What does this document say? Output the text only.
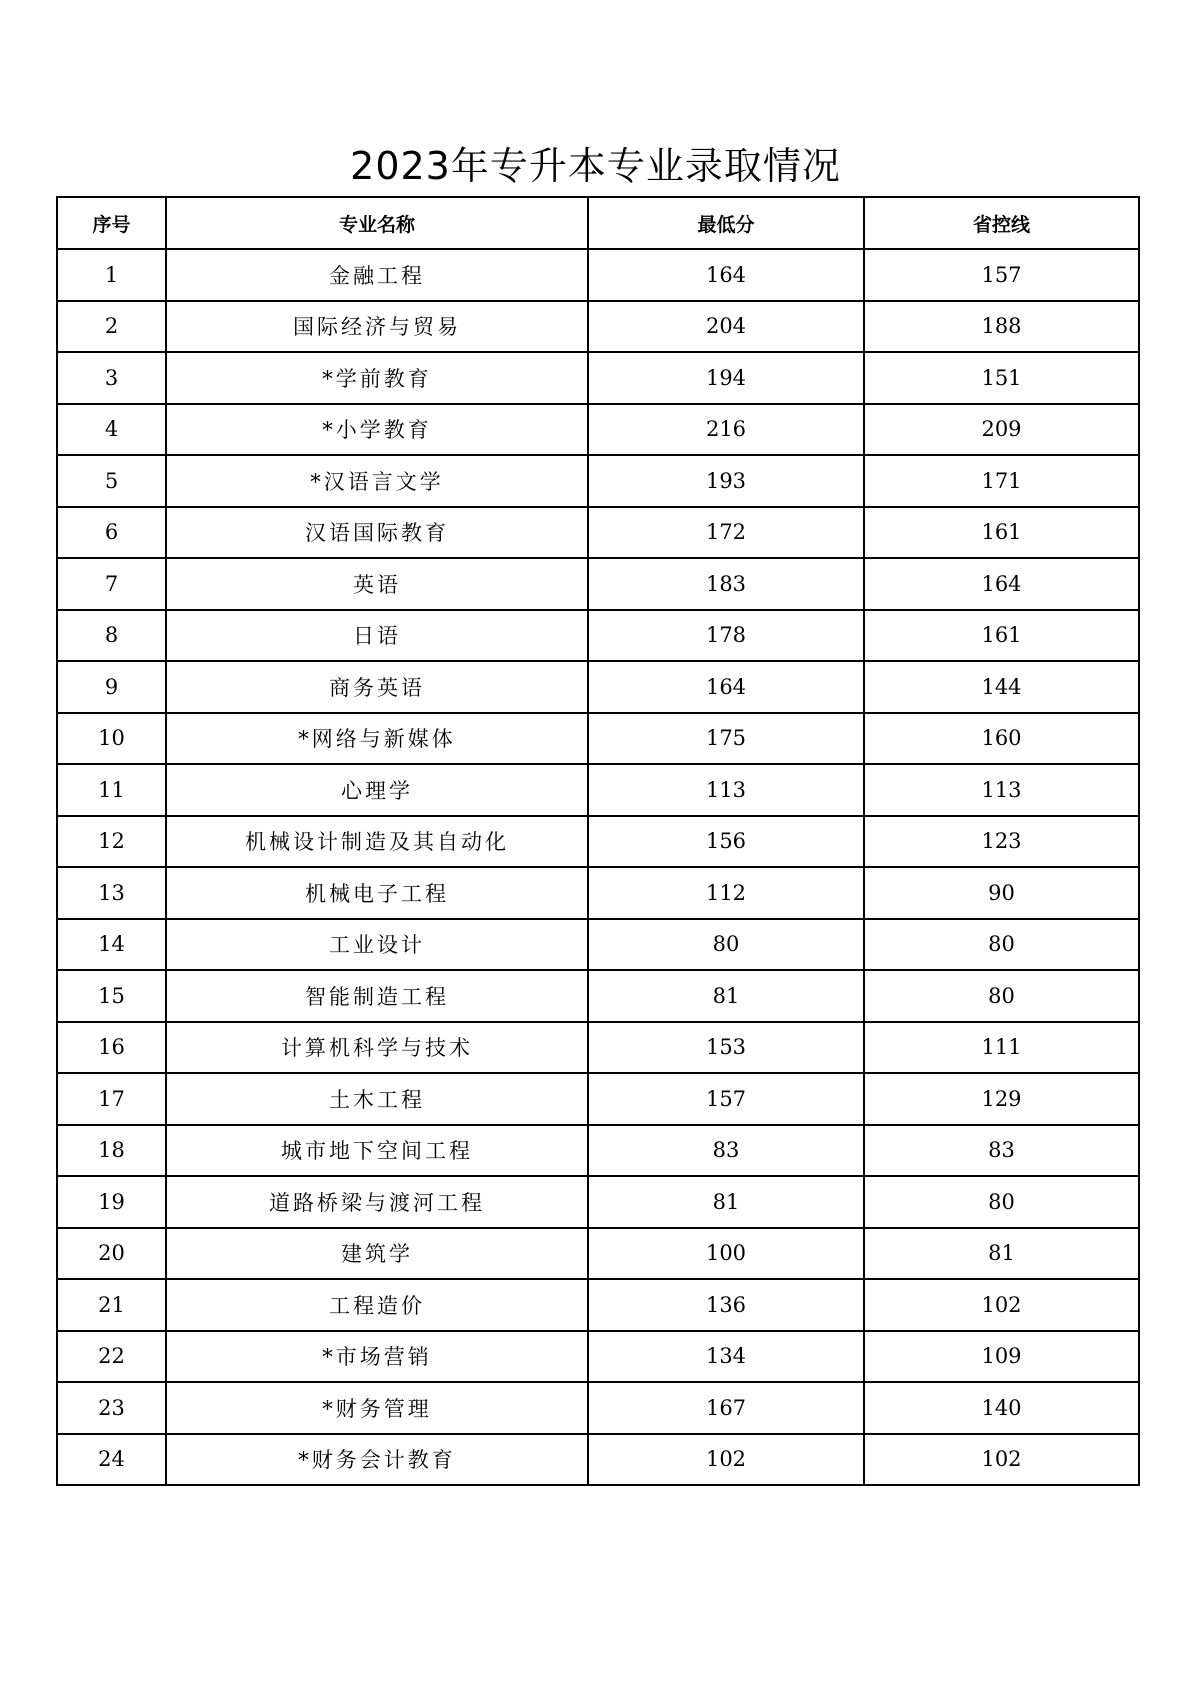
2023年专升本专业录取情况
序号	专业名称	最低分	省控线
1	金融工程	164	157
2	国际经济与贸易	204	188
3	*学前教育	194	151
4	*小学教育	216	209
5	*汉语言文学	193	171
6	汉语国际教育	172	161
7	英语	183	164
8	日语	178	161
9	商务英语	164	144
10	*网络与新媒体	175	160
11	心理学	113	113
12	机械设计制造及其自动化	156	123
13	机械电子工程	112	90
14	工业设计	80	80
15	智能制造工程	81	80
16	计算机科学与技术	153	111
17	土木工程	157	129
18	城市地下空间工程	83	83
19	道路桥梁与渡河工程	81	80
20	建筑学	100	81
21	工程造价	136	102
22	*市场营销	134	109
23	*财务管理	167	140
24	*财务会计教育	102	102
